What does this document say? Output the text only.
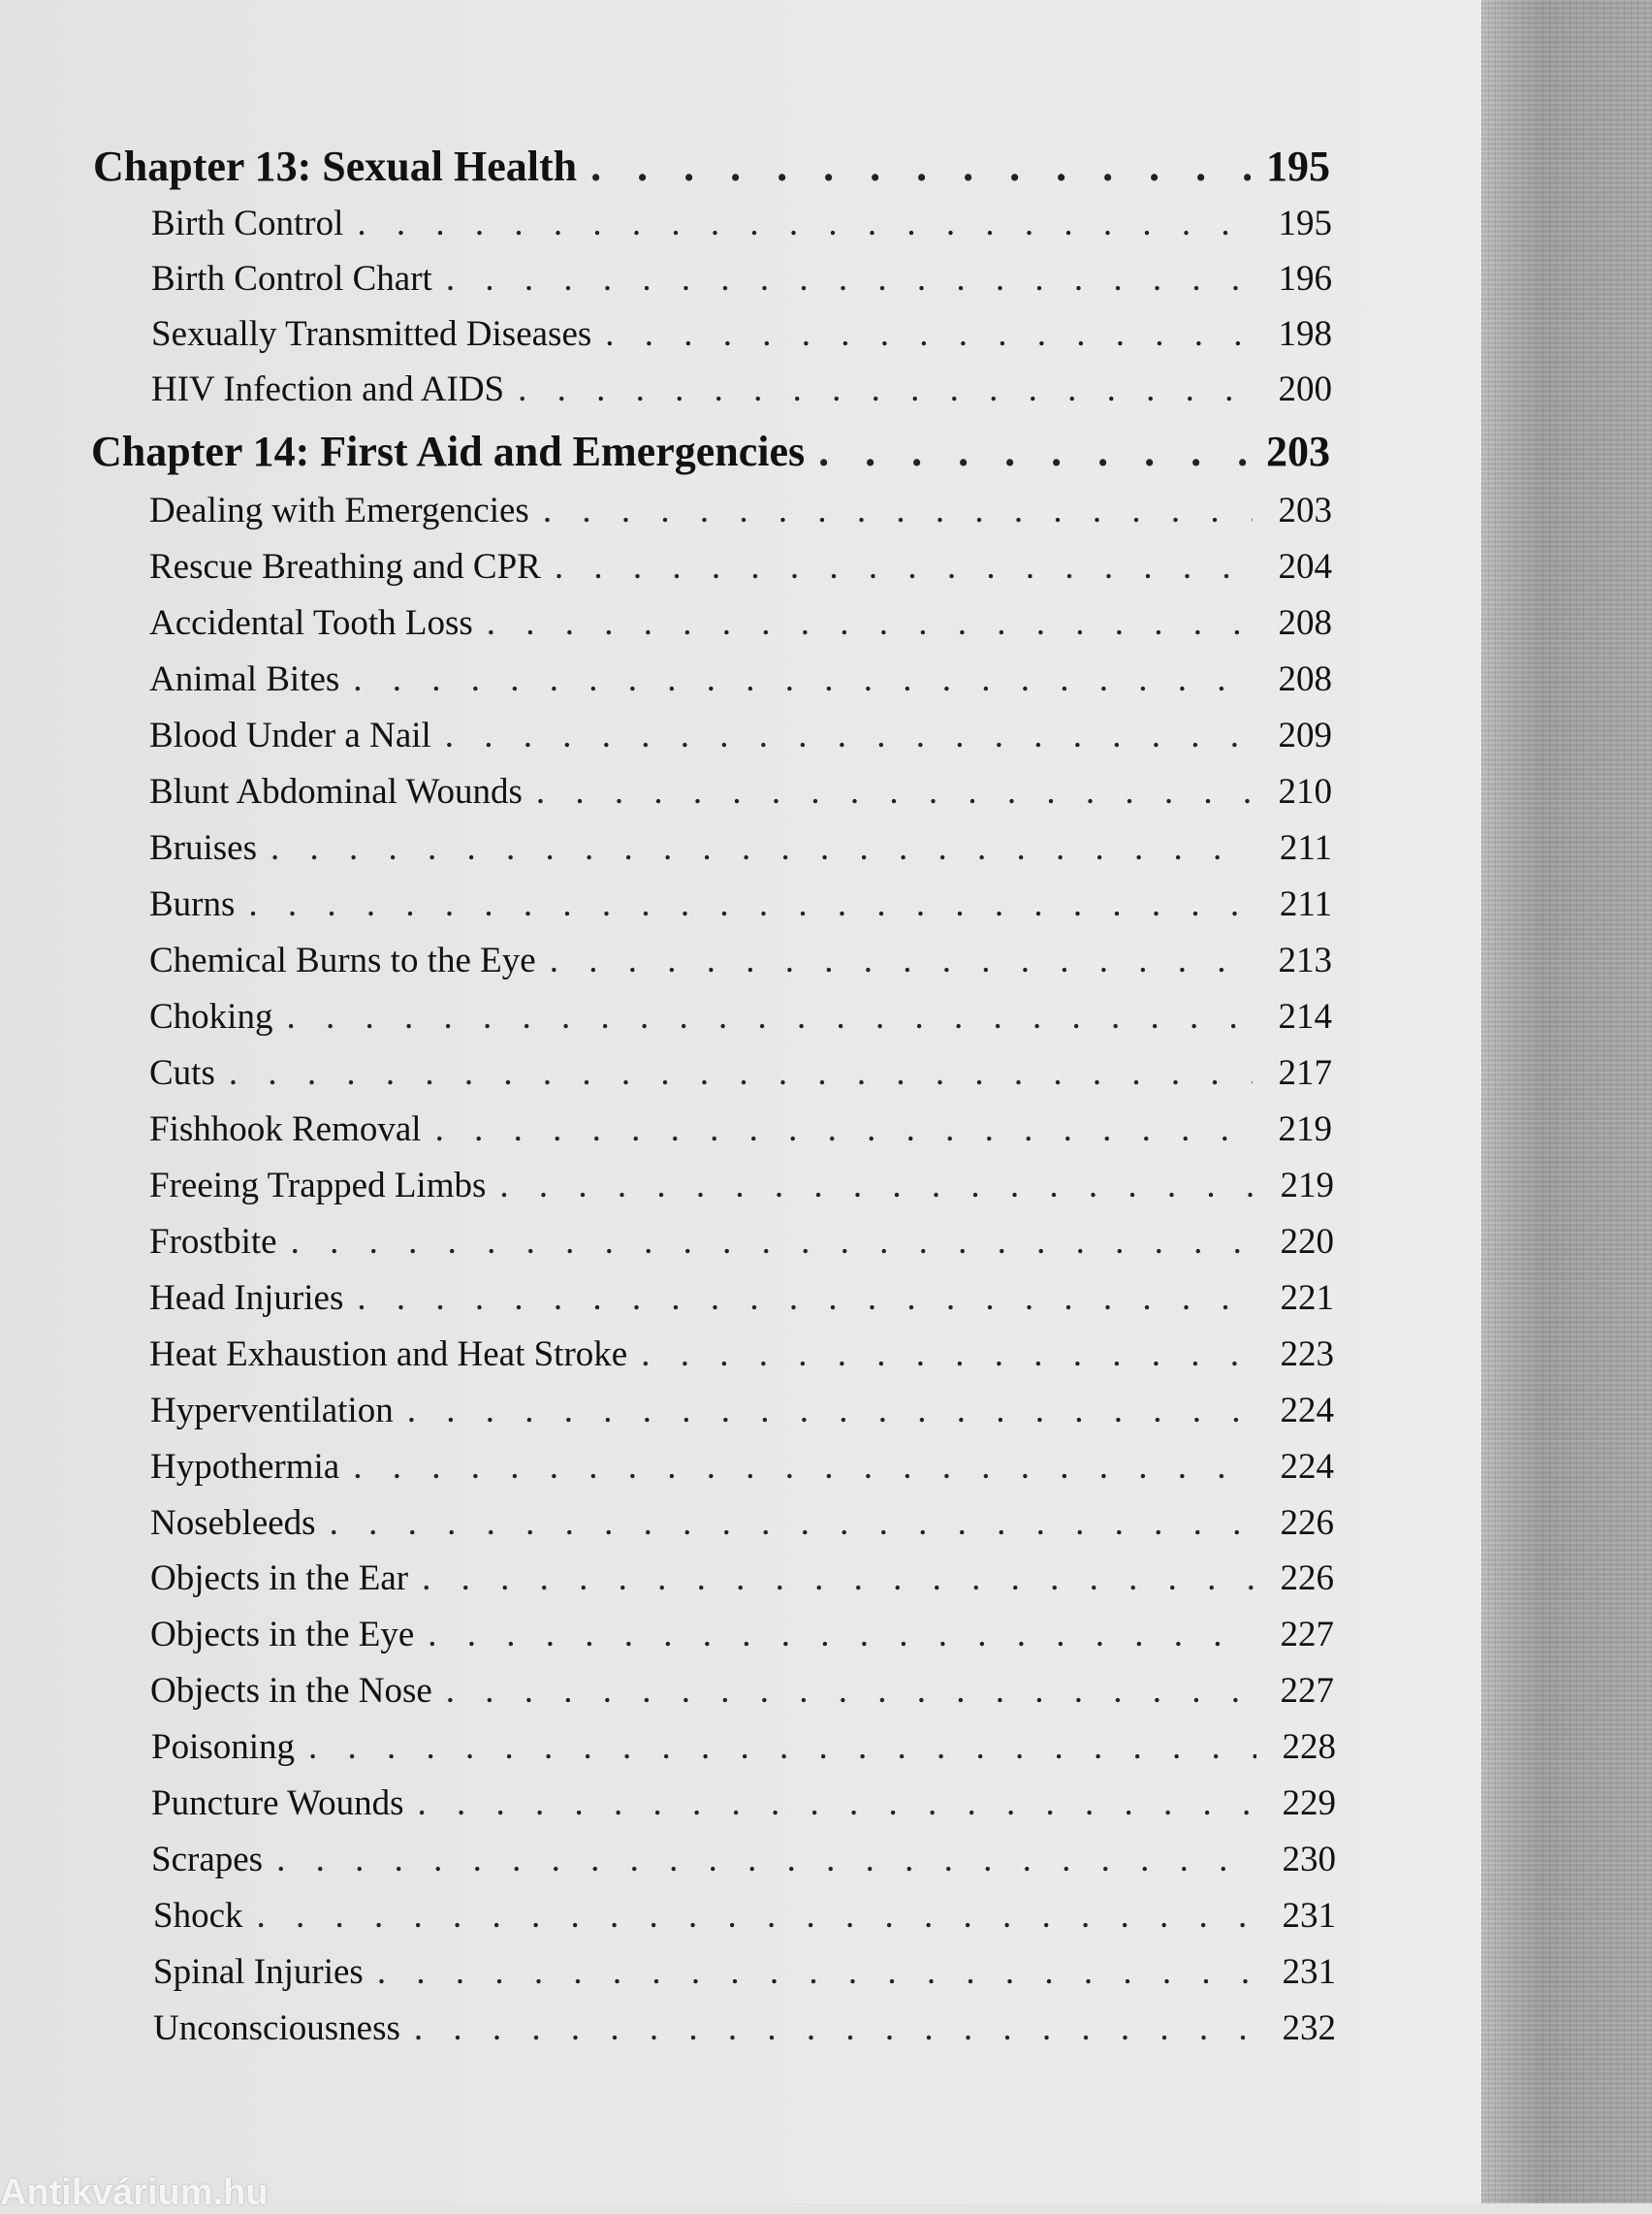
Chapter 13: Sexual Health . . .	195
Birth Control . . .	195
Birth Control Chart . . .	196
Sexually Transmitted Diseases . . .	198
HIV Infection and AIDS . . .	200
Chapter 14: First Aid and Emergencies . . .	203
Dealing with Emergencies . . .	203
Rescue Breathing and CPR . . .	204
Accidental Tooth Loss . . .	208
Animal Bites . . .	208
Blood Under a Nail . . .	209
Blunt Abdominal Wounds . . .	210
Bruises . . .	211
Burns . . .	211
Chemical Burns to the Eye . . .	213
Choking . . .	214
Cuts . . .	217
Fishhook Removal . . .	219
Freeing Trapped Limbs . . .	219
Frostbite . . .	220
Head Injuries . . .	221
Heat Exhaustion and Heat Stroke . . .	223
Hyperventilation . . .	224
Hypothermia . . .	224
Nosebleeds . . .	226
Objects in the Ear . . .	226
Objects in the Eye . . .	227
Objects in the Nose . . .	227
Poisoning . . .	228
Puncture Wounds . . .	229
Scrapes . . .	230
Shock . . .	231
Spinal Injuries . . .	231
Unconsciousness . . .	232
Antikvárium.hu
